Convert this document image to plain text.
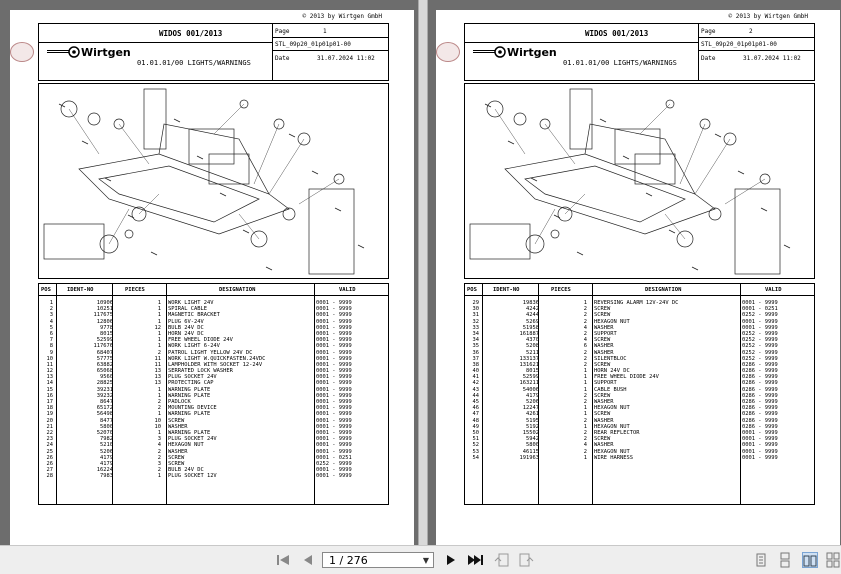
© 2013 by Wirtgen GmbH
WIDOS 001/2013
Wirtgen
01.01.01/00 LIGHTS/WARNINGS
Page	1
STL_09p20_01p01p01-00
Date	31.07.2024 11:02
POS	IDENT-NO	PIECES	DESIGNATION	VALID
1	10906	1 WORK LIGHT 24V	0001 - 9999
2	10251	1 SPIRAL CABLE	0001 - 9999
3	117675	1 MAGNETIC BRACKET	0001 - 9999
4	12806	1 PLUG 6V-24V	0001 - 9999
5	9778	12 BULB 24V DC	0001 - 9999
6	8015	1 HORN 24V DC	0001 - 9999
7	52599	1 FREE WHEEL DIODE 24V	0001 - 9999
8	117676	1 WORK LIGHT 6-24V	0001 - 9999
9	68407	2 PATROL LIGHT YELLOW 24V DC	0001 - 9999
10	57775	11 WORK LIGHT W.QUICKFASTEN.24VDC	0001 - 9999
11	63882	11 LAMPHOLDER WITH SOCKET 12-24V	0001 - 9999
12	65068	13 SERRATED LOCK WASHER	0001 - 9999
13	9560	13 PLUG SOCKET 24V	0001 - 9999
14	28825	13 PROTECTING CAP	0001 - 9999
15	39231	1 WARNING PLATE	0001 - 9999
16	39232	1 WARNING PLATE	0001 - 9999
17	8647	2 PADLOCK	0001 - 9999
18	65172	2 MOUNTING DEVICE	0001 - 9999
19	56498	1 WARNING PLATE	0001 - 9999
20	8477	10 SCREW	0001 - 9999
21	5800	10 WASHER	0001 - 9999
22	52070	1 WARNING PLATE	0001 - 9999
23	7982	3 PLUG SOCKET 24V	0001 - 9999
24	5210	4 HEXAGON NUT	0001 - 9999
25	5206	2 WASHER	0001 - 9999
26	4179	2 SCREW	0001 - 0251
26	4179	3 SCREW	0252 - 9999
27	16224	2 BULB 24V DC	0001 - 9999
28	7983	1 PLUG SOCKET 12V	0001 - 9999
© 2013 by Wirtgen GmbH
WIDOS 001/2013
Wirtgen
01.01.01/00 LIGHTS/WARNINGS
Page	2
STL_09p20_01p01p01-00
Date	31.07.2024 11:02
POS	IDENT-NO	PIECES	DESIGNATION	VALID
29	19836	1 REVERSING ALARM 12V-24V DC	0001 - 9999
30	4242	2 SCREW	0001 - 0251
31	4244	2 SCREW	0252 - 9999
32	5269	2 HEXAGON NUT	0001 - 9999
33	51958	4 WASHER	0001 - 9999
34	161887	2 SUPPORT	0252 - 9999
34	4370	4 SCREW	0252 - 9999
35	5208	6 WASHER	0252 - 9999
36	5211	2 WASHER	0252 - 9999
37	133137	2 SILENTBLOC	0252 - 9999
38	131621	2 SCREW	0286 - 9999
40	8015	1 HORN 24V DC	0286 - 9999
41	52599	1 FREE WHEEL DIODE 24V	0286 - 9999
42	163211	1 SUPPORT	0286 - 9999
43	54006	1 CABLE BUSH	0286 - 9999
44	4179	2 SCREW	0286 - 9999
45	5206	2 WASHER	0286 - 9999
46	12247	1 HEXAGON NUT	0286 - 9999
47	4261	1 SCREW	0286 - 9999
48	5195	2 WASHER	0286 - 9999
49	5192	1 HEXAGON NUT	0286 - 9999
50	15502	2 REAR REFLECTOR	0001 - 9999
51	5942	2 SCREW	0001 - 9999
52	5800	4 WASHER	0001 - 9999
53	46115	2 HEXAGON NUT	0001 - 9999
54	191963	1 WIRE HARNESS	0001 - 9999
1 / 276	▼
